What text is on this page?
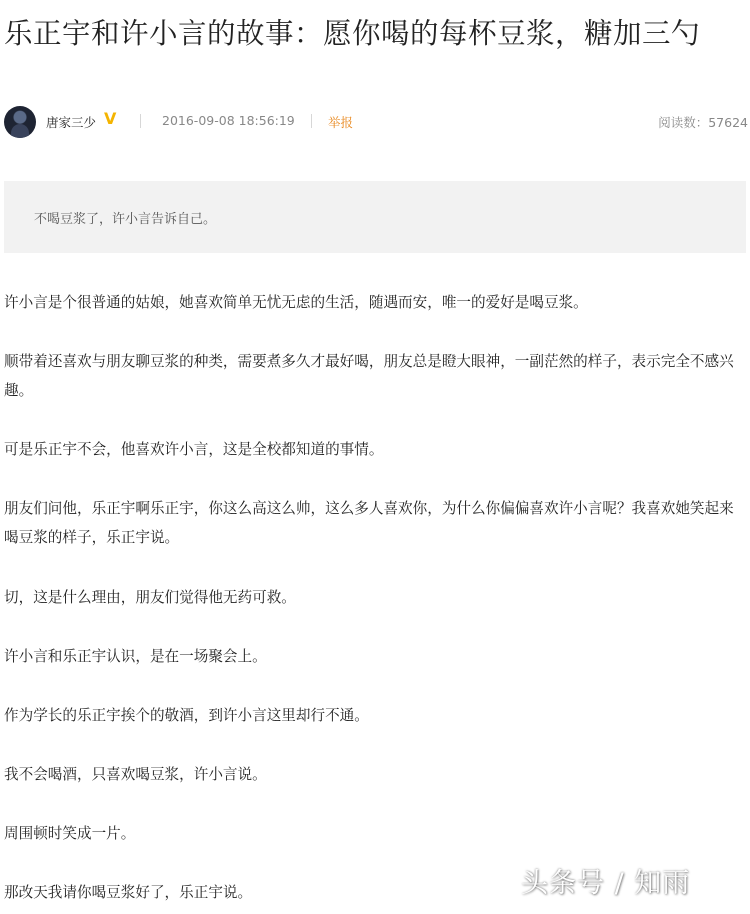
乐正宇和许小言的故事：愿你喝的每杯豆浆，糖加三勺
唐家三少 V	2016-09-08 18:56:19	举报	阅读数：57624
不喝豆浆了，许小言告诉自己。

许小言是个很普通的姑娘，她喜欢简单无忧无虑的生活，随遇而安，唯一的爱好是喝豆浆。

顺带着还喜欢与朋友聊豆浆的种类，需要煮多久才最好喝，朋友总是瞪大眼神，一副茫然的样子，表示完全不感兴趣。

可是乐正宇不会，他喜欢许小言，这是全校都知道的事情。

朋友们问他，乐正宇啊乐正宇，你这么高这么帅，这么多人喜欢你，为什么你偏偏喜欢许小言呢？我喜欢她笑起来喝豆浆的样子，乐正宇说。

切，这是什么理由，朋友们觉得他无药可救。

许小言和乐正宇认识，是在一场聚会上。

作为学长的乐正宇挨个的敬酒，到许小言这里却行不通。

我不会喝酒，只喜欢喝豆浆，许小言说。

周围顿时笑成一片。

那改天我请你喝豆浆好了，乐正宇说。	头条号 / 知雨
